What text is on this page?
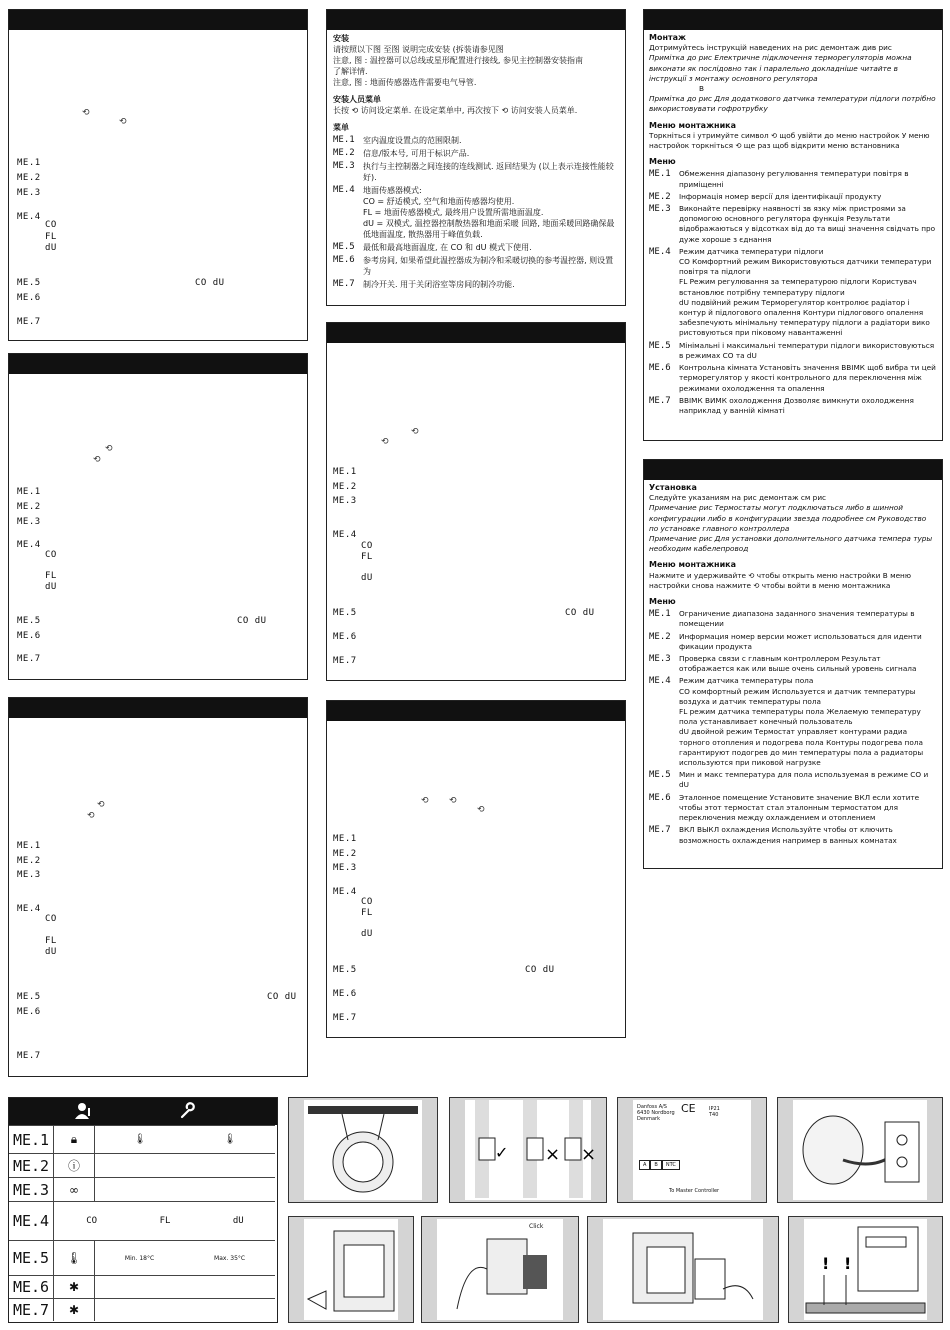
⟲
⟲
ME.1
ME.2
ME.3
ME.4
CO
FL
dU
ME.5	CO dU
ME.6
ME.7
⟲
⟲
ME.1
ME.2
ME.3
ME.4
CO
FL
dU
ME.5	CO dU
ME.6
ME.7
⟲
⟲
ME.1
ME.2
ME.3
ME.4
CO
FL
dU
ME.5	CO dU
ME.6
ME.7
安装
请按照以下图 至图 说明完成安装 (拆装请参见图
注意, 图 : 温控器可以总线或星形配置进行接线, 参见主控制器安装指南
了解详情.
注意, 图 : 地面传感器选件需要电气导管.
安装人员菜单
长按 ⟲ 访问设定菜单. 在设定菜单中, 再次按下 ⟲ 访问安装人员菜单.
菜单
ME.1	室内温度设置点的范围限制.
ME.2	信息/版本号, 可用于标识产品.
ME.3	执行与主控制器之间连接的连线测试. 返回结果为 (以上表示连接性能较好).
ME.4	地面传感器模式:
CO = 舒适模式, 空气和地面传感器均使用.
FL = 地面传感器模式, 最终用户设置所需地面温度.
dU = 双模式, 温控器控制散热器和地面采暖 回路, 地面采暖回路确保最低地面温度, 散热器用于峰值负载.
ME.5	最低和最高地面温度, 在 CO 和 dU 模式下使用.
ME.6	参考房间, 如果希望此温控器成为制冷和采暖切换的参考温控器, 则设置为
ME.7	制冷开关. 用于关闭浴室等房间的制冷功能.
⟲
⟲
ME.1
ME.2
ME.3
ME.4
CO
FL
dU
ME.5	CO dU
ME.6
ME.7
⟲ ⟲
⟲
ME.1
ME.2
ME.3
ME.4
CO
FL
dU
ME.5	CO dU
ME.6
ME.7
Монтаж
Дотримуйтесь інструкцій наведених на рис демонтаж див рис
Примітка до рис Електричне підключення терморегуляторів можна виконати як послідовно так і паралельно докладніше читайте в інструкції з монтажу основного регулятора
В
Примітка до рис Для додаткового датчика температури підлоги потрібно використовувати гофротрубку
Меню монтажника
Торкніться і утримуйте символ ⟲ щоб увійти до меню настройок У меню настройок торкніться ⟲ ще раз щоб відкрити меню встановника
Меню
ME.1	Обмеження діапазону регулювання температури повітря в приміщенні
ME.2	Інформація номер версії для ідентифікації продукту
ME.3	Виконайте перевірку наявності зв язку між пристроями за допомогою основного регулятора функція Результати відображаються у відсотках від до та вищі значення свідчать про дуже хороше з єднання
ME.4	Режим датчика температури підлоги
CO Комфортний режим Використовуються датчики температури повітря та підлоги
FL Режим регулювання за температурою підлоги Користувач встановлює потрібну температуру підлоги
dU подвійний режим Терморегулятор контролює радіатор і контур й підлогового опалення Контури підлогового опалення забезпечують мінімальну температуру підлоги а радіатори вико ристовуються при піковому навантаженні
ME.5	Мінімальні і максимальні температури підлоги використовуються в режимах CO та dU
ME.6	Контрольна кімната Установіть значення ВВІМК щоб вибра ти цей терморегулятор у якості контрольного для переключення між режимами охолодження та опалення
ME.7	ВВІМК ВИМК охолодження Дозволяє вимкнути охолодження наприклад у ванній кімнаті
Установка
Следуйте указаниям на рис демонтаж см рис
Примечание рис Термостаты могут подключаться либо в шинной конфигурации либо в конфигурации звезда подробнее см Руководство по установке главного контроллера
Примечание рис Для установки дополнительного датчика темпера туры необходим кабелепровод
Меню монтажника
Нажмите и удерживайте ⟲ чтобы открыть меню настройки В меню настройки снова нажмите ⟲ чтобы войти в меню монтажника
Меню
ME.1	Ограничение диапазона заданного значения температуры в помещении
ME.2	Информация номер версии может использоваться для иденти фикации продукта
ME.3	Проверка связи с главным контроллером Результат отображается как или выше очень сильный уровень сигнала
ME.4	Режим датчика температуры пола
CO комфортный режим Используется и датчик температуры воздуха и датчик температуры пола
FL режим датчика температуры пола Желаемую температуру пола устанавливает конечный пользователь
dU двойной режим Термостат управляет контурами радиа торного отопления и подогрева пола Контуры подогрева пола гарантируют подогрев до мин температуры пола а радиаторы используются при пиковой нагрузке
ME.5	Мин и макс температура для пола используемая в режиме CO и dU
ME.6	Эталонное помещение Установите значение ВКЛ если хотите чтобы этот термостат стал эталонным термостатом для переключения между охлаждением и отоплением
ME.7	ВКЛ ВЫКЛ охлаждения Используйте чтобы от ключить возможность охлаждения например в ванных комнатах
ME.1	🔒︎	🌡︎	🌡︎
ME.2	ⓘ
ME.3	∞
ME.4	CO	FL	dU
ME.5	🌡︎	Min. 18°C	Max. 35°C
ME.6	✱
ME.7	✱
✓ × ×
Danfoss A/S
6430 Nordborg
Denmark
CE	IP21
T40
A	B	NTC
To Master Controller
Click
! !
